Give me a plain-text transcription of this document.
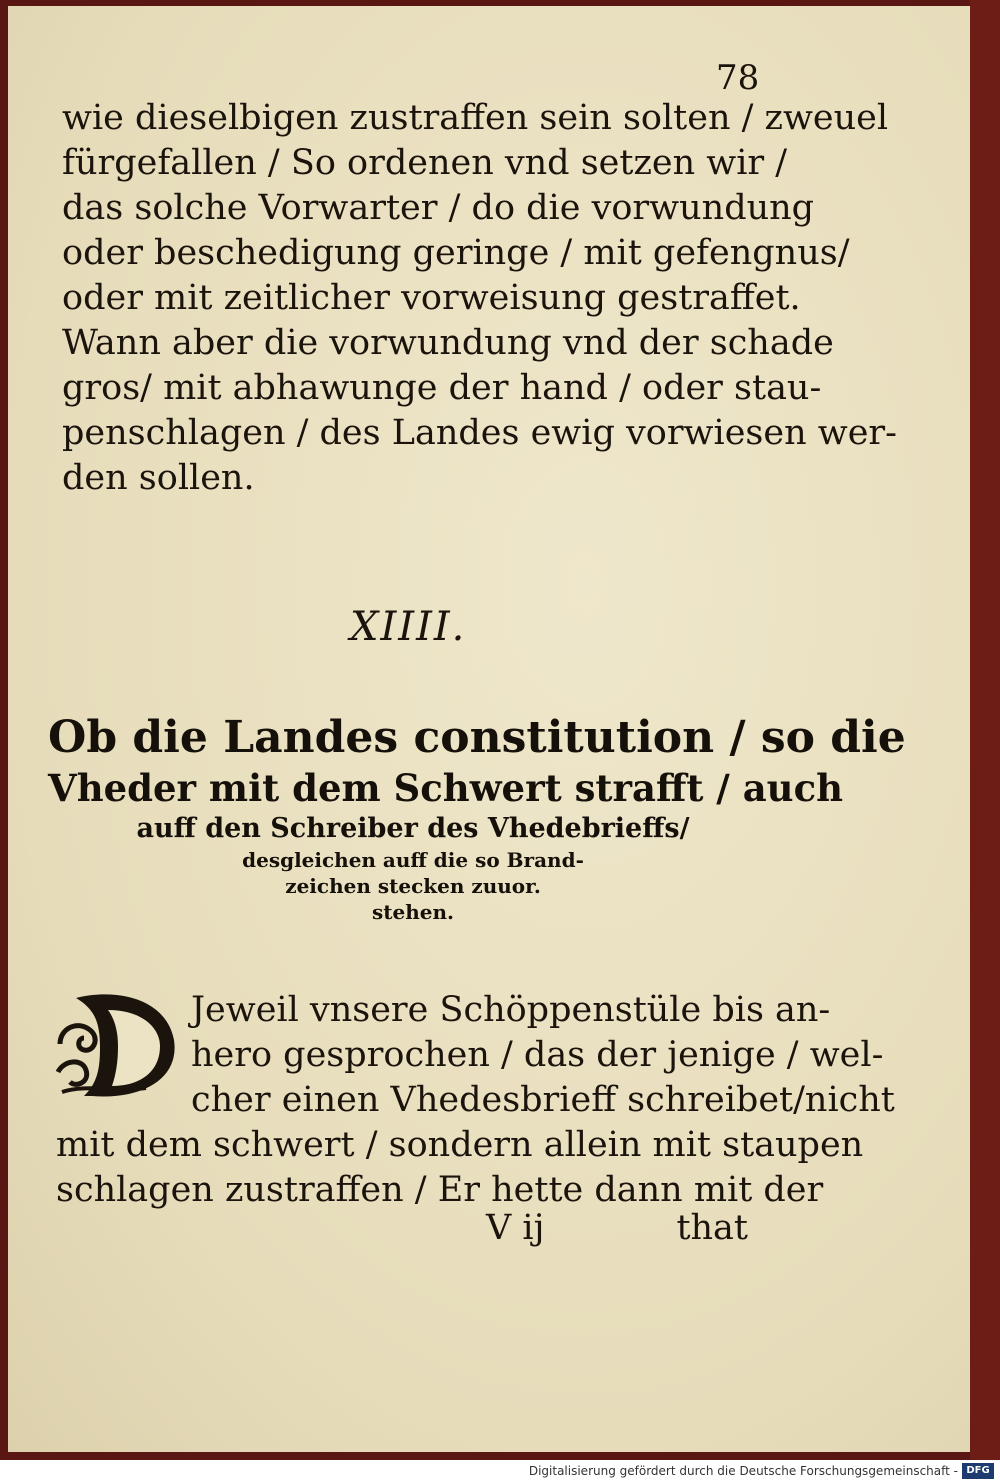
78
wie dieselbigen zustraffen sein solten / zweuel
fürgefallen / So ordenen vnd setzen wir /
das solche Vorwarter / do die vorwundung
oder beschedigung geringe / mit gefengnus/
oder mit zeitlicher vorweisung gestraffet.
Wann aber die vorwundung vnd der schade
gros/ mit abhawunge der hand / oder stau-
penschlagen / des Landes ewig vorwiesen wer-
den sollen.
XIIII.
Ob die Landes constitution / so die
Vheder mit dem Schwert strafft / auch
auff den Schreiber des Vhedebrieffs/
desgleichen auff die so Brand-
zeichen stecken zuuor.
stehen.
Jeweil vnsere Schöppenstüle bis an-
hero gesprochen / das der jenige / wel-
cher einen Vhedesbrieff schreibet/nicht
mit dem schwert / sondern allein mit staupen
schlagen zustraffen / Er hette dann mit der
V ij	that
Digitalisierung gefördert durch die Deutsche Forschungsgemeinschaft - DFG
